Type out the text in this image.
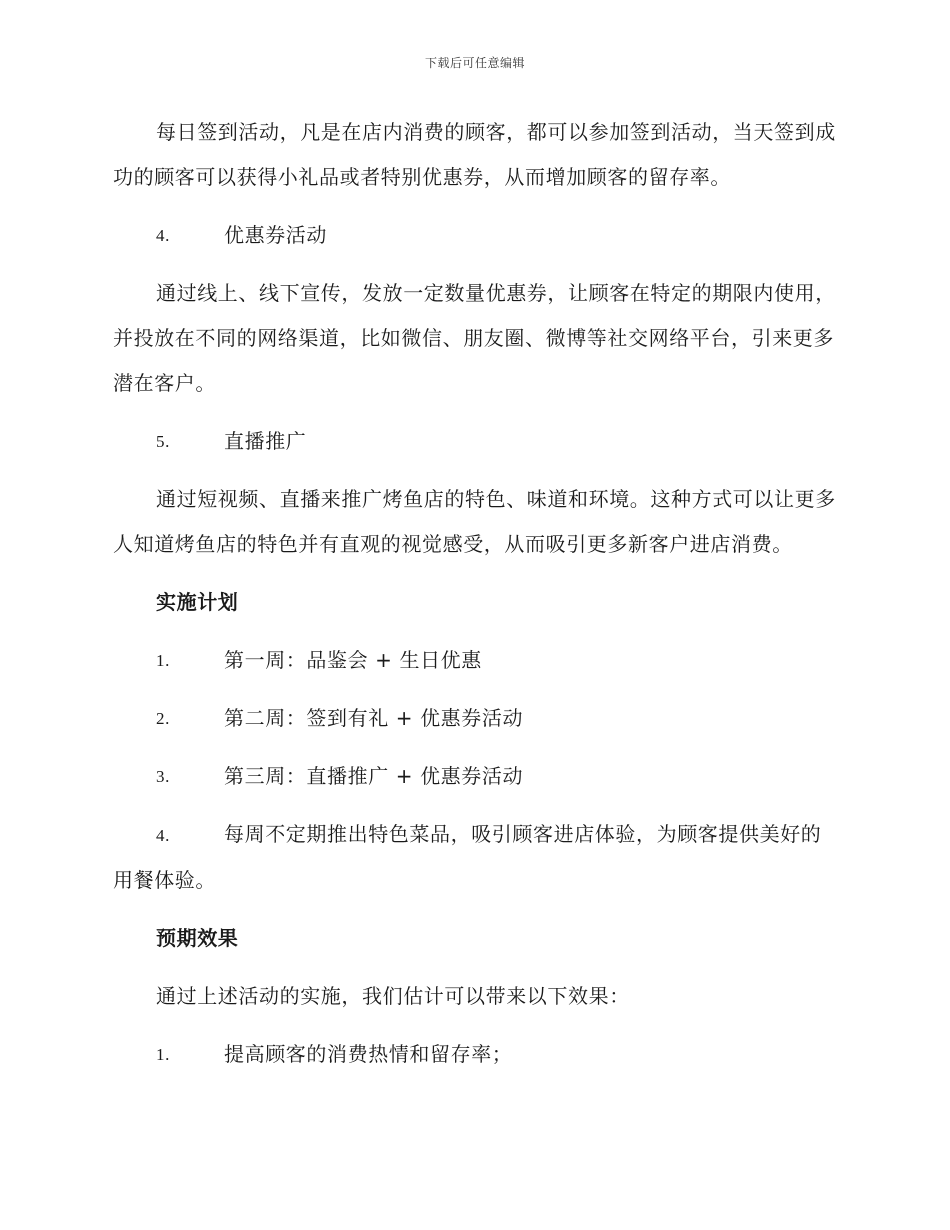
下载后可任意编辑

每日签到活动，凡是在店内消费的顾客，都可以参加签到活动，当天签到成功的顾客可以获得小礼品或者特别优惠券，从而增加顾客的留存率。

4.	优惠券活动

通过线上、线下宣传，发放一定数量优惠券，让顾客在特定的期限内使用，并投放在不同的网络渠道，比如微信、朋友圈、微博等社交网络平台，引来更多潜在客户。

5.	直播推广

通过短视频、直播来推广烤鱼店的特色、味道和环境。这种方式可以让更多人知道烤鱼店的特色并有直观的视觉感受，从而吸引更多新客户进店消费。

实施计划
1.	第一周：品鉴会 + 生日优惠
2.	第二周：签到有礼 + 优惠券活动
3.	第三周：直播推广 + 优惠券活动
4.	每周不定期推出特色菜品，吸引顾客进店体验，为顾客提供美好的用餐体验。
预期效果

通过上述活动的实施，我们估计可以带来以下效果：

1.	提高顾客的消费热情和留存率；
